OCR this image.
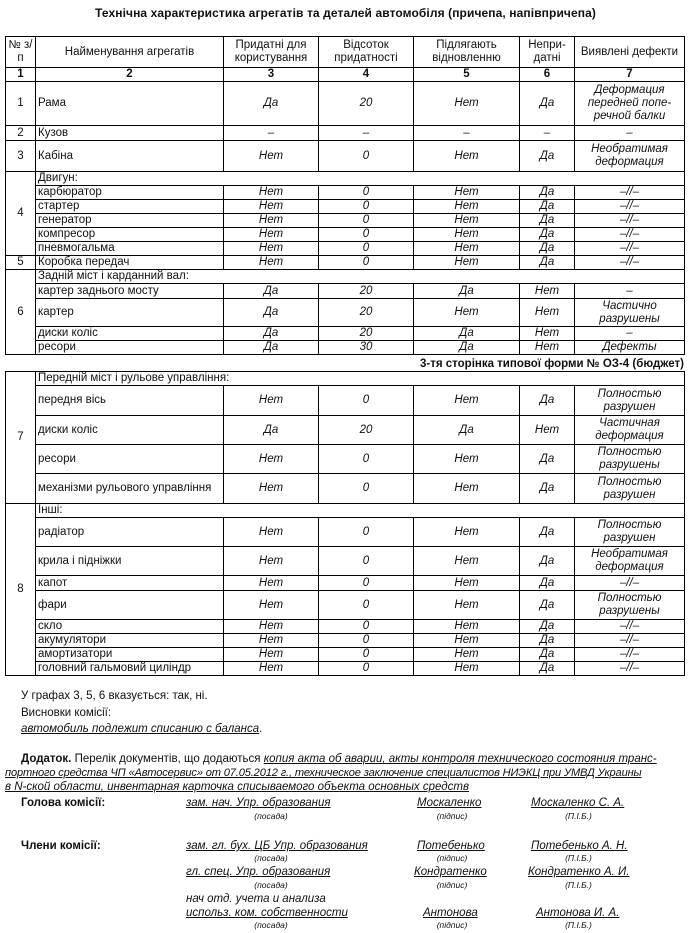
Технічна характеристика агрегатів та деталей автомобіля (причепа, напівпричепа)
№ з/п	Найменування агрегатів	Придатні для користування	Відсоток придатності	Підлягають відновленню	Непри-датні	Виявлені дефекти
1	2	3	4	5	6	7
1	Рама	Да	20	Нет	Да	Деформация передней попе-речной балки
2	Кузов	–	–	–	–	–
3	Кабіна	Нет	0	Нет	Да	Необратимая деформация
4	Двигун:					
	карбюратор	Нет	0	Нет	Да	–//–
	стартер	Нет	0	Нет	Да	–//–
	генератор	Нет	0	Нет	Да	–//–
	компресор	Нет	0	Нет	Да	–//–
	пневмогальма	Нет	0	Нет	Да	–//–
5	Коробка передач	Нет	0	Нет	Да	–//–
6	Задній міст і карданний вал:					
	картер заднього мосту	Да	20	Да	Нет	–
	картер	Да	20	Нет	Нет	Частично разрушены
	диски коліс	Да	20	Да	Нет	–
	ресори	Да	30	Да	Нет	Дефекты
3-тя сторінка типової форми № ОЗ-4 (бюджет)
7	Передній міст і рульове управління:					
	передня вісь	Нет	0	Нет	Да	Полностью разрушен
	диски коліс	Да	20	Да	Нет	Частичная деформация
	ресори	Нет	0	Нет	Да	Полностью разрушены
	механізми рульового управління	Нет	0	Нет	Да	Полностью разрушен
8	Інші:					
	радіатор	Нет	0	Нет	Да	Полностью разрушен
	крила і підніжки	Нет	0	Нет	Да	Необратимая деформация
	капот	Нет	0	Нет	Да	–//–
	фари	Нет	0	Нет	Да	Полностью разрушены
	скло	Нет	0	Нет	Да	–//–
	акумулятори	Нет	0	Нет	Да	–//–
	амортизатори	Нет	0	Нет	Да	–//–
	головний гальмовий циліндр	Нет	0	Нет	Да	–//–
У графах 3, 5, 6 вказується: так, ні.
Висновки комісії:
автомобиль подлежит списанию с баланса.
Додаток. Перелік документів, що додаються копия акта об аварии, акты контроля технического состояния транс-
портного средства ЧП «Автосервис» от 07.05.2012 г., техническое заключение специалистов НИЭКЦ при УМВД Украины
в N-ской области, инвентарная карточка списываемого объекта основных средств
Голова комісії:
Члени комісії:
зам. нач. Упр. образования	Москаленко	Москаленко С. А.
(посада)	(підпис)	(П.І.Б.)
зам. гл. бух. ЦБ Упр. образования	Потебенько	Потебенько А. Н.
(посада)	(підпис)	(П.І.Б.)
гл. спец. Упр. образования	Кондратенко	Кондратенко А. И.
(посада)	(підпис)	(П.І.Б.)
нач отд. учета и анализа
использ. ком. собственности	Антонова	Антонова И. А.
(посада)	(підпис)	(П.І.Б.)
